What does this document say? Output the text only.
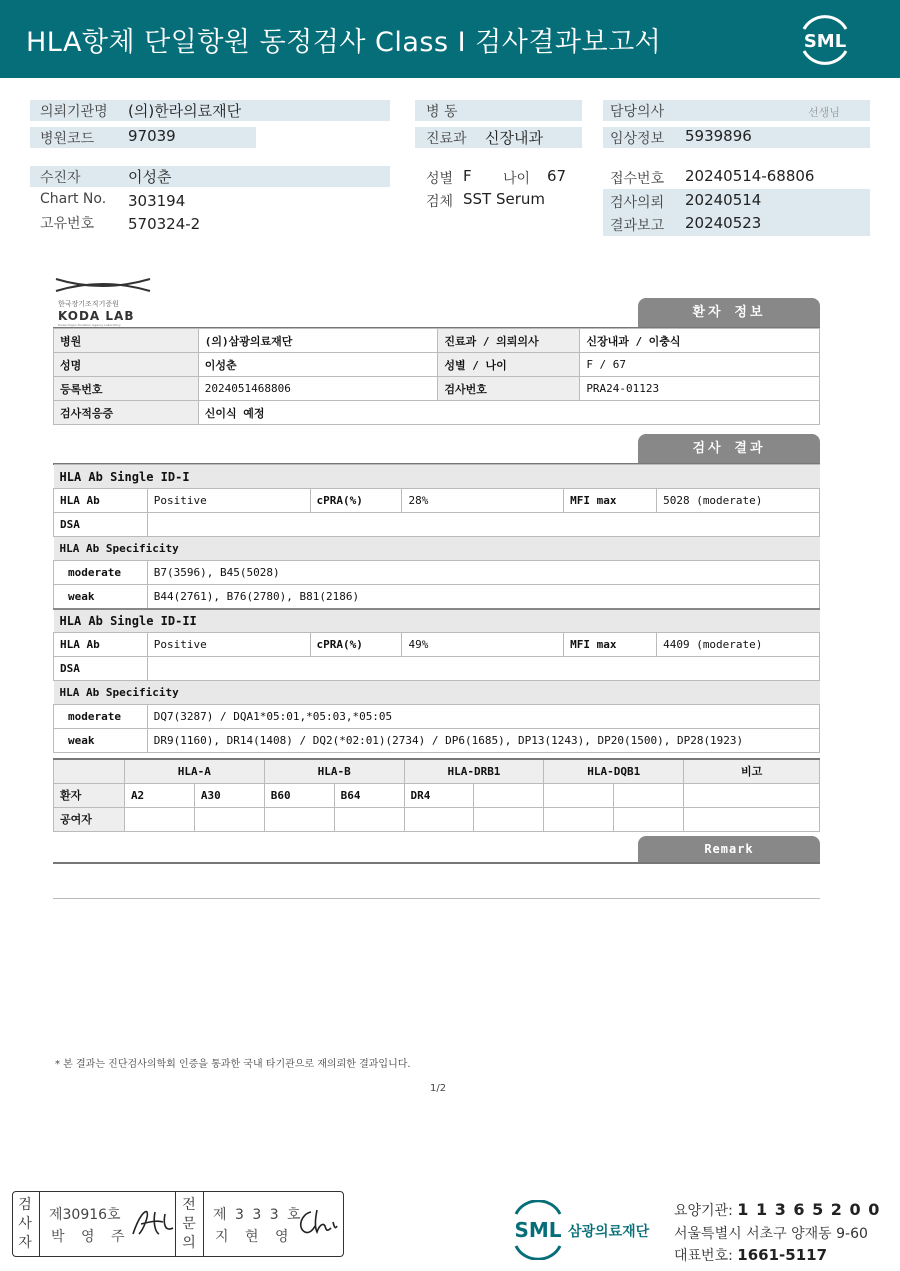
HLA항체 단일항원 동정검사 Class I 검사결과보고서	SML
의뢰기관명 (의)한라의료재단
병원코드 97039
병 동
진료과 신장내과
담당의사	선생님
임상정보 5939896
수진자	이성춘
Chart No. 303194
고유번호 570324-2
성별 F 나이 67
검체 SST Serum
접수번호 20240514-68806
검사의뢰 20240514
결과보고 20240523
한국장기조직기증원
KODA LAB
Korea Organ Donation Agency Laboratory
환자 정보
병원	(의)삼광의료재단	진료과 / 의뢰의사	신장내과 / 이충식
성명	이성춘	성별 / 나이	F / 67
등록번호	2024051468806	검사번호	PRA24-01123
검사적응증	신이식 예정		
검사 결과
HLA Ab Single ID-I					
HLA Ab	Positive	cPRA(%)	28%	MFI max	5028 (moderate)
DSA					
HLA Ab Specificity					
moderate	B7(3596), B45(5028)				
weak	B44(2761), B76(2780), B81(2186)				
HLA Ab Single ID-II					
HLA Ab	Positive	cPRA(%)	49%	MFI max	4409 (moderate)
DSA					
HLA Ab Specificity					
moderate	DQ7(3287) / DQA1*05:01,*05:03,*05:05				
weak	DR9(1160), DR14(1408) / DQ2(*02:01)(2734) / DP6(1685), DP13(1243), DP20(1500), DP28(1923)				
	HLA-A		HLA-B		HLA-DRB1		HLA-DQB1		비고
환자	A2	A30	B60	B64	DR4				
공여자									
Remark
* 본 결과는 진단검사의학회 인증을 통과한 국내 타기관으로 재의뢰한 결과입니다.
1/2
검
사
자
제30916호
박 영 주
전
문
의
제 3 3 3 호
지 현 영	SML 삼광의료재단
요양기관: 1 1 3 6 5 2 0 0
서울특별시 서초구 양재동 9-60
대표번호: 1661-5117
